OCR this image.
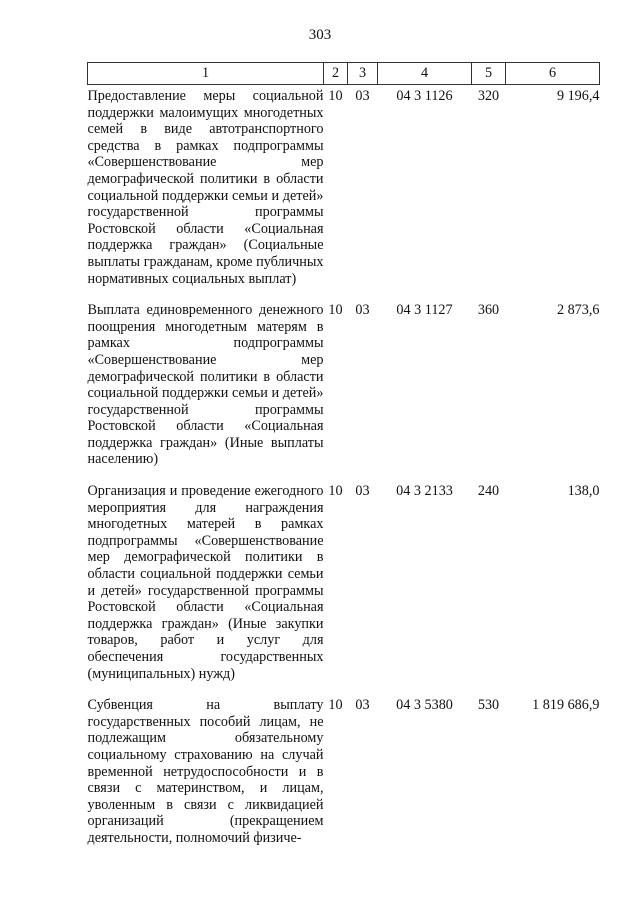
303
1	2	3	4	5	6
Предоставление меры социальной поддержки малоимущих многодетных семей в виде автотранспортного средства в рамках подпрограммы «Совершенствование мер демографической политики в области социальной поддержки семьи и детей» государственной программы Ростовской области «Социальная поддержка граждан» (Социальные выплаты гражданам, кроме публичных нормативных социальных выплат)	10	03	04 3 1126	320	9 196,4

Выплата единовременного денежного поощрения многодетным матерям в рамках подпрограммы «Совершенствование мер демографической политики в области социальной поддержки семьи и детей» государственной программы Ростовской области «Социальная поддержка граждан» (Иные выплаты населению)	10	03	04 3 1127	360	2 873,6

Организация и проведение ежегодного мероприятия для награждения многодетных матерей в рамках подпрограммы «Совершенствование мер демографической политики в области социальной поддержки семьи и детей» государственной программы Ростовской области «Социальная поддержка граждан» (Иные закупки товаров, работ и услуг для обеспечения государственных (муниципальных) нужд)	10	03	04 3 2133	240	138,0

Субвенция на выплату государственных пособий лицам, не подлежащим обязательному социальному страхованию на случай временной нетрудоспособности и в связи с материнством, и лицам, уволенным в связи с ликвидацией организаций (прекращением деятельности, полномочий физиче-	10	03	04 3 5380	530	1 819 686,9
